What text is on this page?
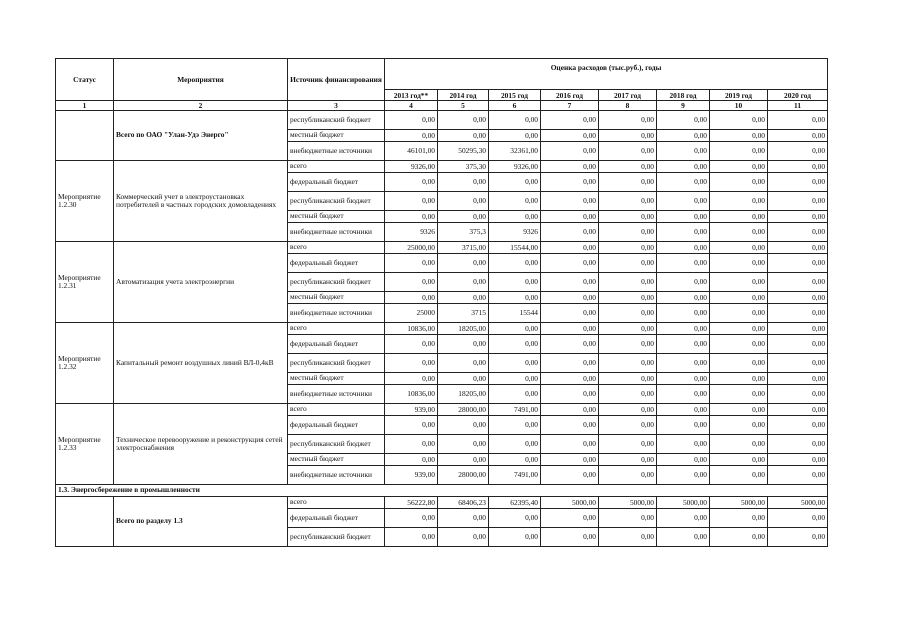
Статус	Мероприятия	Источник финансирования	Оценка расходов (тыс.руб.), годы							
			2013 год**	2014 год	2015 год	2016 год	2017 год	2018 год	2019 год	2020 год
1	2	3	4	5	6	7	8	9	10	11
	Всего по ОАО "Улан-Удэ Энерго"	республиканский бюджет	0,00	0,00	0,00	0,00	0,00	0,00	0,00	0,00
		местный бюджет	0,00	0,00	0,00	0,00	0,00	0,00	0,00	0,00
		внебюджетные источники	46101,00	50295,30	32361,00	0,00	0,00	0,00	0,00	0,00
Мероприятие 1.2.30	Коммерческий учет в электроустановках потребителей в частных городских домовладениях	всего	9326,00	375,30	9326,00	0,00	0,00	0,00	0,00	0,00
		федеральный бюджет	0,00	0,00	0,00	0,00	0,00	0,00	0,00	0,00
		республиканский бюджет	0,00	0,00	0,00	0,00	0,00	0,00	0,00	0,00
		местный бюджет	0,00	0,00	0,00	0,00	0,00	0,00	0,00	0,00
		внебюджетные источники	9326	375,3	9326	0,00	0,00	0,00	0,00	0,00
Мероприятие 1.2.31	Автоматизация учета электроэнергии	всего	25000,00	3715,00	15544,00	0,00	0,00	0,00	0,00	0,00
		федеральный бюджет	0,00	0,00	0,00	0,00	0,00	0,00	0,00	0,00
		республиканский бюджет	0,00	0,00	0,00	0,00	0,00	0,00	0,00	0,00
		местный бюджет	0,00	0,00	0,00	0,00	0,00	0,00	0,00	0,00
		внебюджетные источники	25000	3715	15544	0,00	0,00	0,00	0,00	0,00
Мероприятие 1.2.32	Капитальный ремонт воздушных линий ВЛ-0,4кВ	всего	10836,00	18205,00	0,00	0,00	0,00	0,00	0,00	0,00
		федеральный бюджет	0,00	0,00	0,00	0,00	0,00	0,00	0,00	0,00
		республиканский бюджет	0,00	0,00	0,00	0,00	0,00	0,00	0,00	0,00
		местный бюджет	0,00	0,00	0,00	0,00	0,00	0,00	0,00	0,00
		внебюджетные источники	10836,00	18205,00	0,00	0,00	0,00	0,00	0,00	0,00
Мероприятие 1.2.33	Техническое перевооружение и реконструкция сетей электроснабжения	всего	939,00	28000,00	7491,00	0,00	0,00	0,00	0,00	0,00
		федеральный бюджет	0,00	0,00	0,00	0,00	0,00	0,00	0,00	0,00
		республиканский бюджет	0,00	0,00	0,00	0,00	0,00	0,00	0,00	0,00
		местный бюджет	0,00	0,00	0,00	0,00	0,00	0,00	0,00	0,00
		внебюджетные источники	939,00	28000,00	7491,00	0,00	0,00	0,00	0,00	0,00
1.3. Энергосбережение в промышленности										
	Всего по разделу 1.3	всего	56222,80	68406,23	62395,40	5000,00	5000,00	5000,00	5000,00	5000,00
		федеральный бюджет	0,00	0,00	0,00	0,00	0,00	0,00	0,00	0,00
		республиканский бюджет	0,00	0,00	0,00	0,00	0,00	0,00	0,00	0,00
